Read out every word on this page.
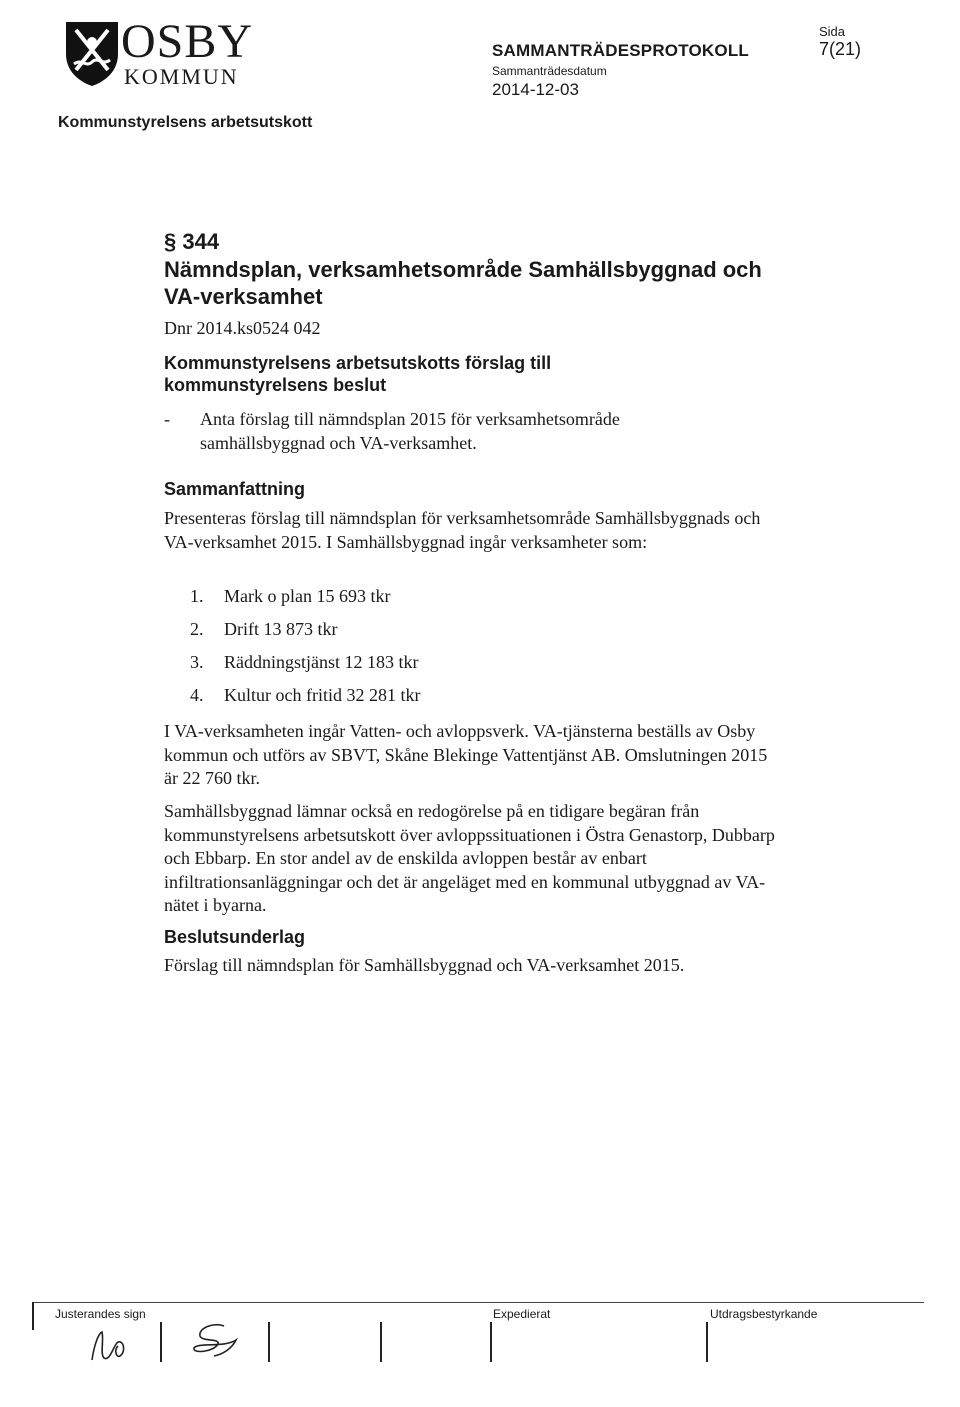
OSBY
KOMMUN
SAMMANTRÄDESPROTOKOLL
Sammanträdesdatum
2014-12-03
Sida
7(21)
Kommunstyrelsens arbetsutskott
§ 344
Nämndsplan, verksamhetsområde Samhällsbyggnad och VA-verksamhet
Dnr 2014.ks0524 042
Kommunstyrelsens arbetsutskotts förslag till kommunstyrelsens beslut
- Anta förslag till nämndsplan 2015 för verksamhetsområde samhällsbyggnad och VA-verksamhet.
Sammanfattning
Presenteras förslag till nämndsplan för verksamhetsområde Samhällsbyggnads och VA-verksamhet 2015. I Samhällsbyggnad ingår verksamheter som:
1. Mark o plan 15 693 tkr
2. Drift 13 873 tkr
3. Räddningstjänst 12 183 tkr
4. Kultur och fritid 32 281 tkr
I VA-verksamheten ingår Vatten- och avloppsverk. VA-tjänsterna beställs av Osby kommun och utförs av SBVT, Skåne Blekinge Vattentjänst AB. Omslutningen 2015 är 22 760 tkr.
Samhällsbyggnad lämnar också en redogörelse på en tidigare begäran från kommunstyrelsens arbetsutskott över avloppssituationen i Östra Genastorp, Dubbarp och Ebbarp. En stor andel av de enskilda avloppen består av enbart infiltrationsanläggningar och det är angeläget med en kommunal utbyggnad av VA-nätet i byarna.
Beslutsunderlag
Förslag till nämndsplan för Samhällsbyggnad och VA-verksamhet 2015.
Justerandes sign	Expedierat	Utdragsbestyrkande
